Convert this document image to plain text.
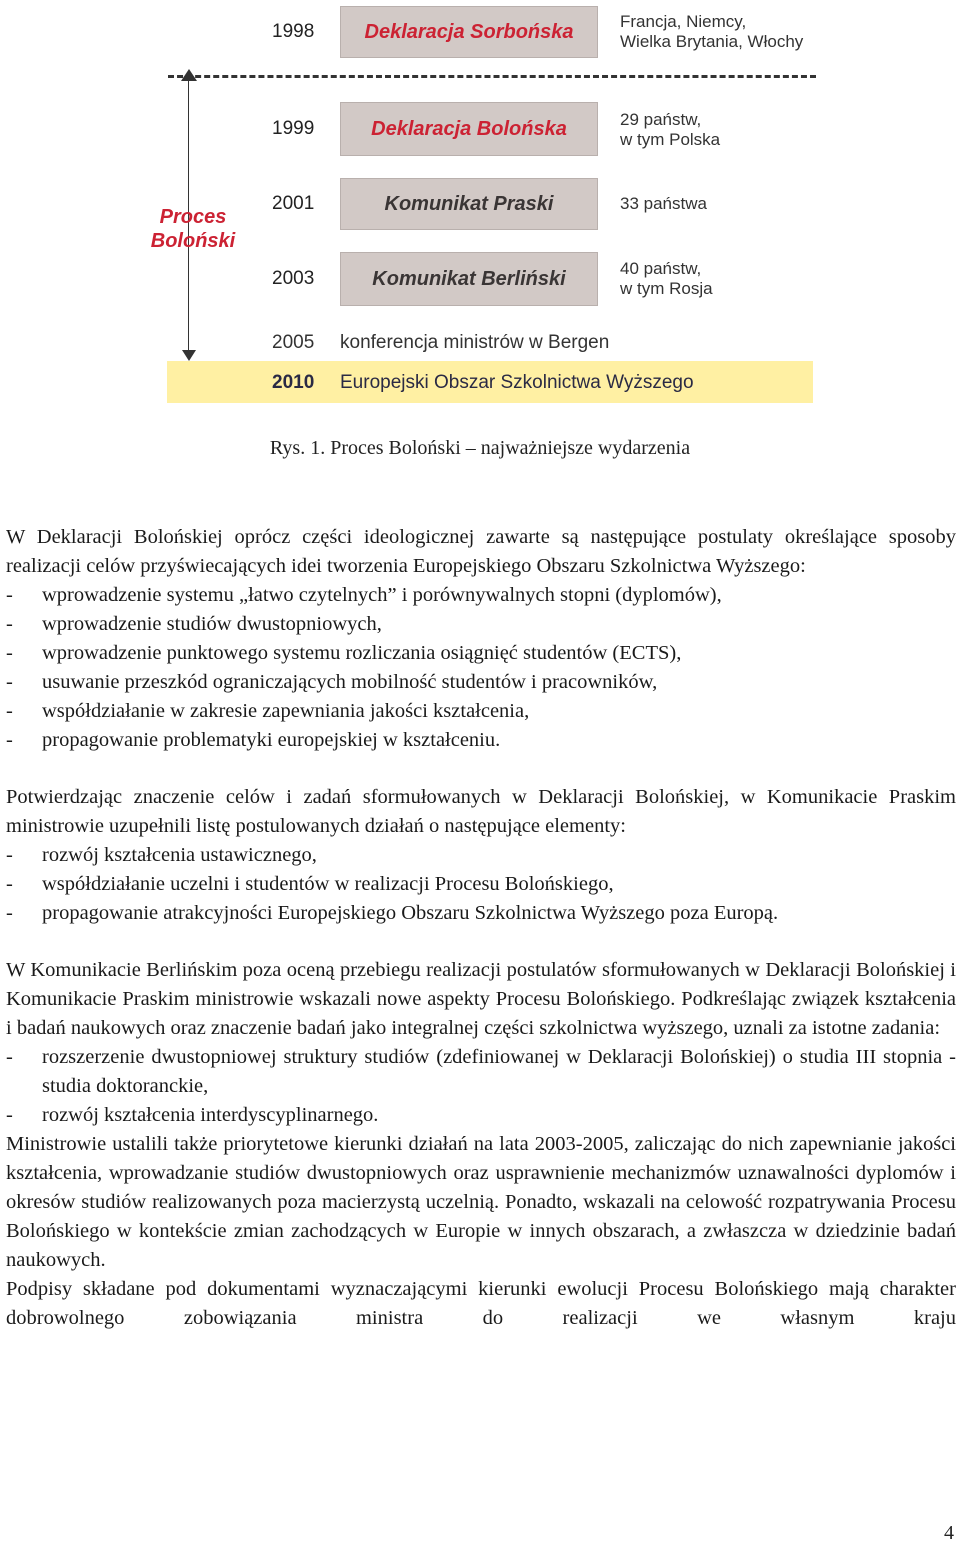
1998	Deklaracja Sorbońska	Francja, Niemcy,
Wielka Brytania, Włochy
1999	Deklaracja Bolońska	29 państw,
w tym Polska
Proces
Boloński
2001	Komunikat Praski	33 państwa
2003	Komunikat Berliński	40 państw,
w tym Rosja
2005 konferencja ministrów w Bergen
2010 Europejski Obszar Szkolnictwa Wyższego
Rys. 1. Proces Boloński – najważniejsze wydarzenia

W Deklaracji Bolońskiej oprócz części ideologicznej zawarte są następujące postulaty określające sposoby realizacji celów przyświecających idei tworzenia Europejskiego Obszaru Szkolnictwa Wyższego:

-	wprowadzenie systemu „łatwo czytelnych” i porównywalnych stopni (dyplomów),
-	wprowadzenie studiów dwustopniowych,
-	wprowadzenie punktowego systemu rozliczania osiągnięć studentów (ECTS),
-	usuwanie przeszkód ograniczających mobilność studentów i pracowników,
-	współdziałanie w zakresie zapewniania jakości kształcenia,
-	propagowanie problematyki europejskiej w kształceniu.

Potwierdzając znaczenie celów i zadań sformułowanych w Deklaracji Bolońskiej, w Komunikacie Praskim ministrowie uzupełnili listę postulowanych działań o następujące elementy:

-	rozwój kształcenia ustawicznego,
-	współdziałanie uczelni i studentów w realizacji Procesu Bolońskiego,
-	propagowanie atrakcyjności Europejskiego Obszaru Szkolnictwa Wyższego poza Europą.

W Komunikacie Berlińskim poza oceną przebiegu realizacji postulatów sformułowanych w Deklaracji Bolońskiej i Komunikacie Praskim ministrowie wskazali nowe aspekty Procesu Bolońskiego. Podkreślając związek kształcenia i badań naukowych oraz znaczenie badań jako integralnej części szkolnictwa wyższego, uznali za istotne zadania:

-	rozszerzenie dwustopniowej struktury studiów (zdefiniowanej w Deklaracji Bolońskiej) o studia III stopnia - studia doktoranckie,
-	rozwój kształcenia interdyscyplinarnego.

Ministrowie ustalili także priorytetowe kierunki działań na lata 2003-2005, zaliczając do nich zapewnianie jakości kształcenia, wprowadzanie studiów dwustopniowych oraz usprawnienie mechanizmów uznawalności dyplomów i okresów studiów realizowanych poza macierzystą uczelnią. Ponadto, wskazali na celowość rozpatrywania Procesu Bolońskiego w kontekście zmian zachodzących w Europie w innych obszarach, a zwłaszcza w dziedzinie badań naukowych.

Podpisy składane pod dokumentami wyznaczającymi kierunki ewolucji Procesu Bolońskiego mają charakter dobrowolnego zobowiązania ministra do realizacji we własnym kraju

4
